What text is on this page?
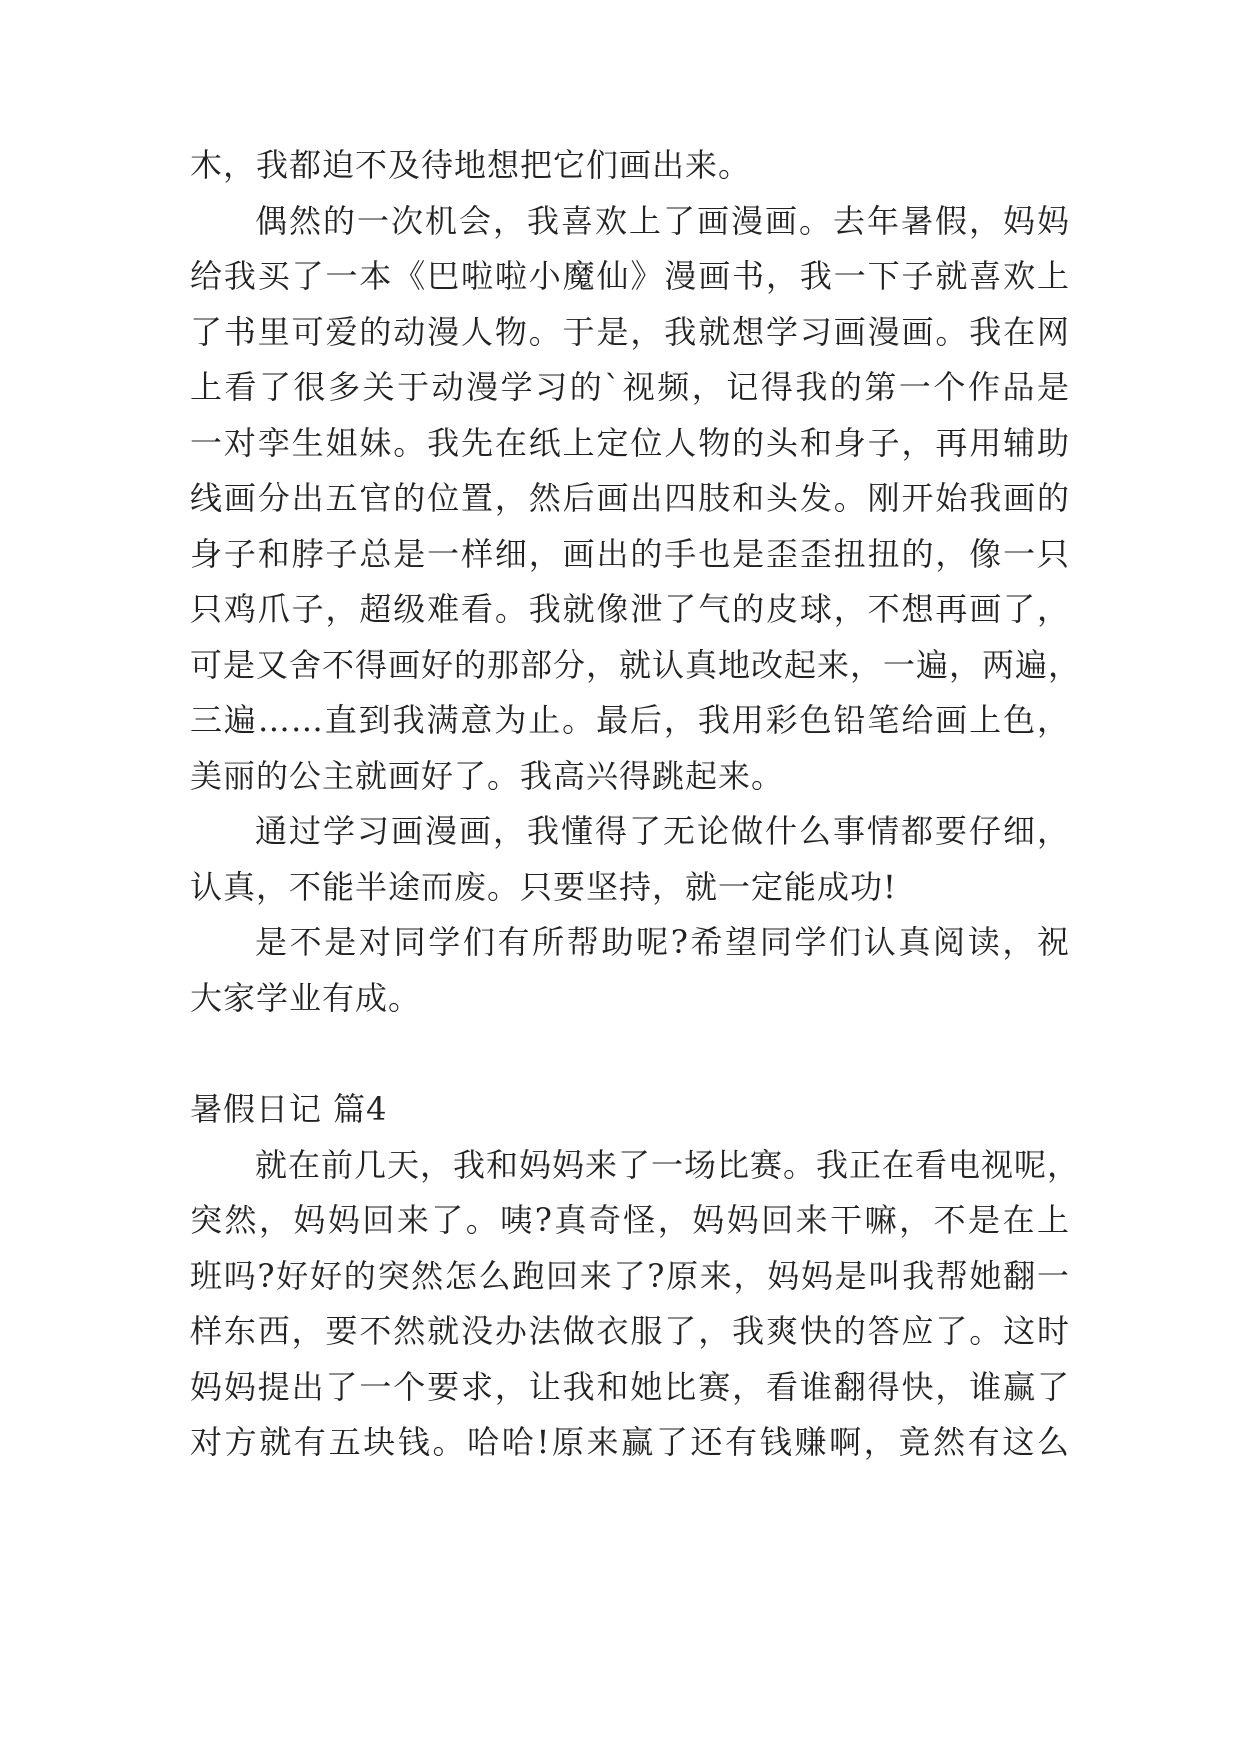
木，我都迫不及待地想把它们画出来。
偶然的一次机会，我喜欢上了画漫画。去年暑假，妈妈
给我买了一本《巴啦啦小魔仙》漫画书，我一下子就喜欢上
了书里可爱的动漫人物。于是，我就想学习画漫画。我在网
上看了很多关于动漫学习的`视频，记得我的第一个作品是
一对孪生姐妹。我先在纸上定位人物的头和身子，再用辅助
线画分出五官的位置，然后画出四肢和头发。刚开始我画的
身子和脖子总是一样细，画出的手也是歪歪扭扭的，像一只
只鸡爪子，超级难看。我就像泄了气的皮球，不想再画了，
可是又舍不得画好的那部分，就认真地改起来，一遍，两遍，
三遍……直到我满意为止。最后，我用彩色铅笔给画上色，
美丽的公主就画好了。我高兴得跳起来。
通过学习画漫画，我懂得了无论做什么事情都要仔细，
认真，不能半途而废。只要坚持，就一定能成功!
是不是对同学们有所帮助呢?希望同学们认真阅读，祝
大家学业有成。
暑假日记 篇4
就在前几天，我和妈妈来了一场比赛。我正在看电视呢，
突然，妈妈回来了。咦?真奇怪，妈妈回来干嘛，不是在上
班吗?好好的突然怎么跑回来了?原来，妈妈是叫我帮她翻一
样东西，要不然就没办法做衣服了，我爽快的答应了。这时
妈妈提出了一个要求，让我和她比赛，看谁翻得快，谁赢了
对方就有五块钱。哈哈!原来赢了还有钱赚啊，竟然有这么
